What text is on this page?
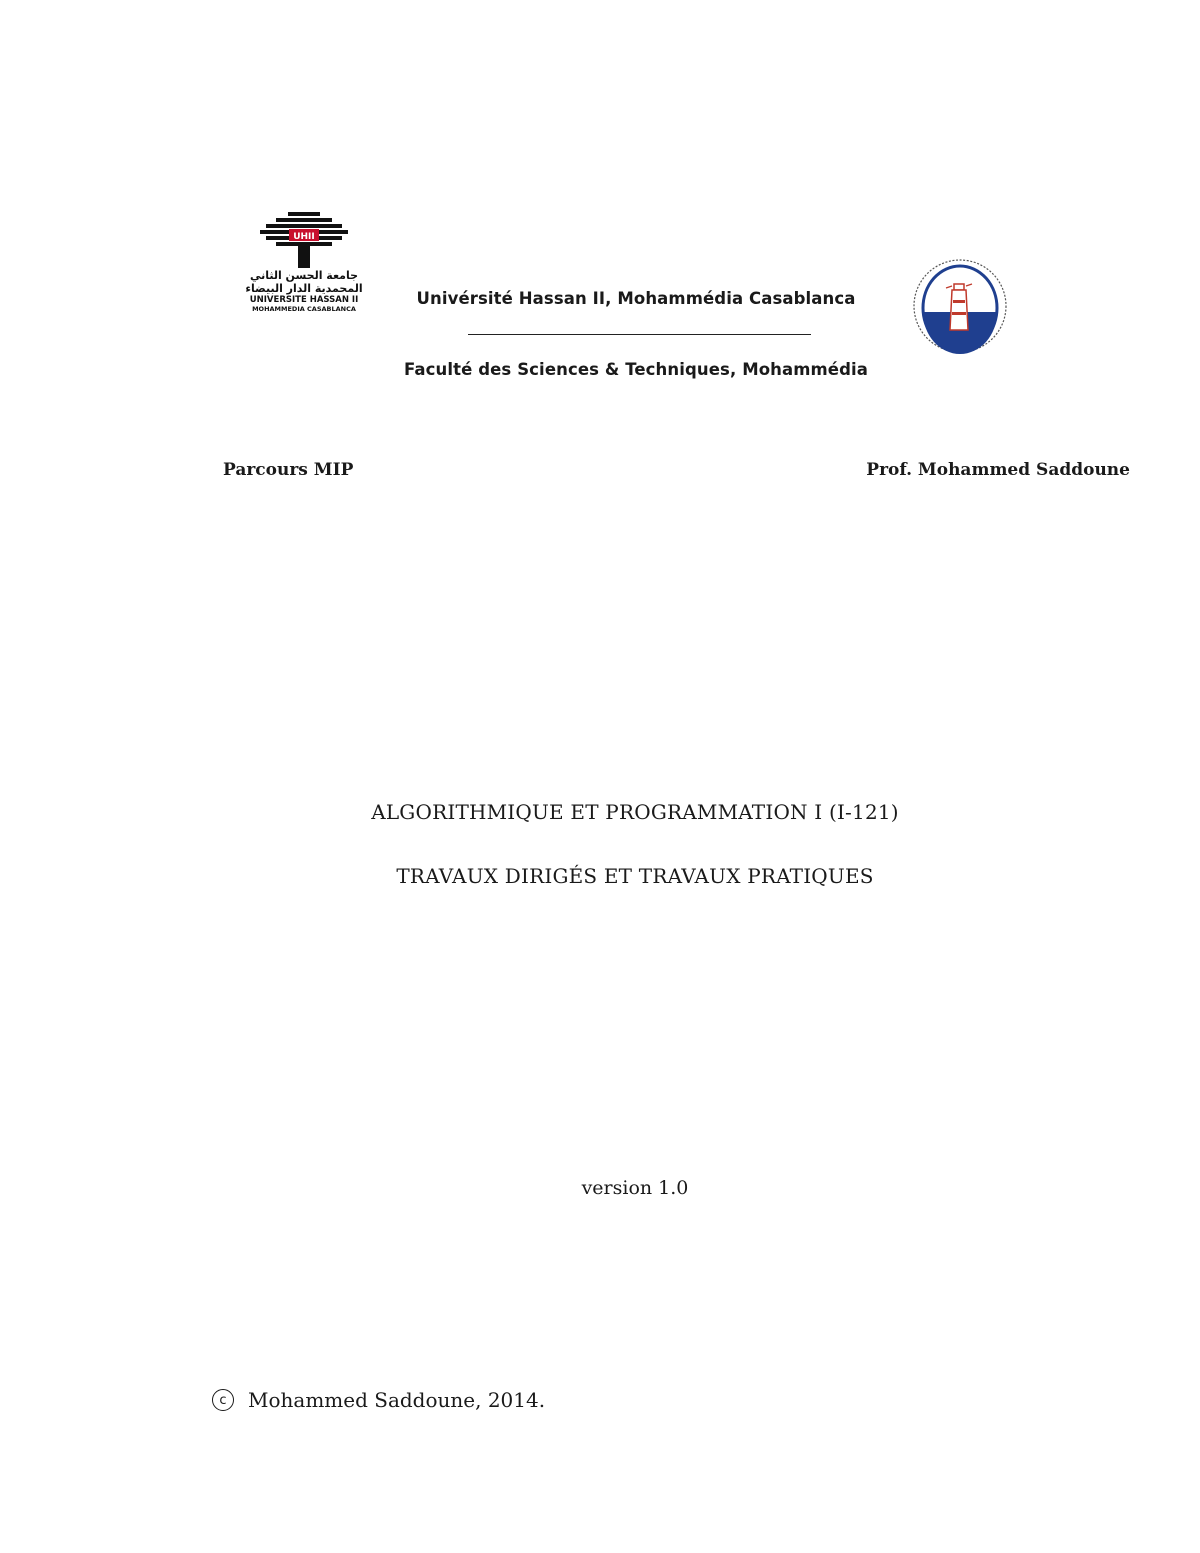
UHII
جامعة الحسن الثاني
المحمدية الدار البيضاء
UNIVERSITE HASSAN II
MOHAMMEDIA CASABLANCA
Univérsité Hassan II, Mohammédia Casablanca
Faculté des Sciences & Techniques, Mohammédia
Parcours MIP	Prof. Mohammed Saddoune
ALGORITHMIQUE ET PROGRAMMATION I (I-121)
TRAVAUX DIRIGÉS ET TRAVAUX PRATIQUES
version 1.0
c	Mohammed Saddoune, 2014.
